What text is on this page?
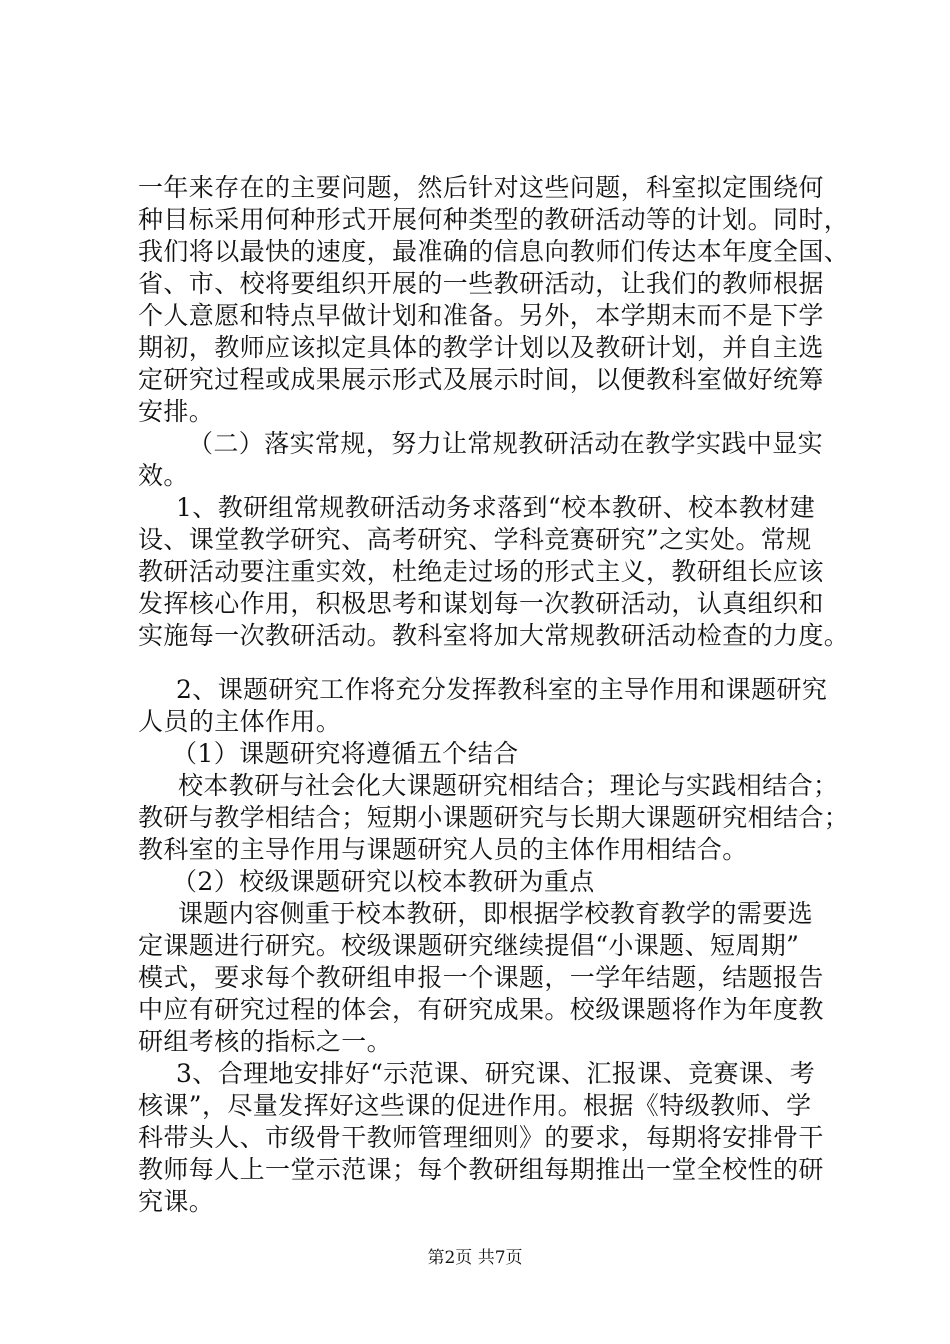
一年来存在的主要问题，然后针对这些问题，科室拟定围绕何
种目标采用何种形式开展何种类型的教研活动等的计划。同时，
我们将以最快的速度，最准确的信息向教师们传达本年度全国、
省、市、校将要组织开展的一些教研活动，让我们的教师根据
个人意愿和特点早做计划和准备。另外，本学期末而不是下学
期初，教师应该拟定具体的教学计划以及教研计划，并自主选
定研究过程或成果展示形式及展示时间，以便教科室做好统筹
安排。
（二）落实常规，努力让常规教研活动在教学实践中显实
效。
1、教研组常规教研活动务求落到“校本教研、校本教材建
设、课堂教学研究、高考研究、学科竞赛研究”之实处。常规
教研活动要注重实效，杜绝走过场的形式主义，教研组长应该
发挥核心作用，积极思考和谋划每一次教研活动，认真组织和
实施每一次教研活动。教科室将加大常规教研活动检查的力度。
2、课题研究工作将充分发挥教科室的主导作用和课题研究
人员的主体作用。
（1）课题研究将遵循五个结合
校本教研与社会化大课题研究相结合；理论与实践相结合；
教研与教学相结合；短期小课题研究与长期大课题研究相结合；
教科室的主导作用与课题研究人员的主体作用相结合。
（2）校级课题研究以校本教研为重点
课题内容侧重于校本教研，即根据学校教育教学的需要选
定课题进行研究。校级课题研究继续提倡“小课题、短周期”
模式，要求每个教研组申报一个课题，一学年结题，结题报告
中应有研究过程的体会，有研究成果。校级课题将作为年度教
研组考核的指标之一。
3、合理地安排好“示范课、研究课、汇报课、竞赛课、考
核课”，尽量发挥好这些课的促进作用。根据《特级教师、学
科带头人、市级骨干教师管理细则》的要求，每期将安排骨干
教师每人上一堂示范课；每个教研组每期推出一堂全校性的研
究课。
第2页 共7页
